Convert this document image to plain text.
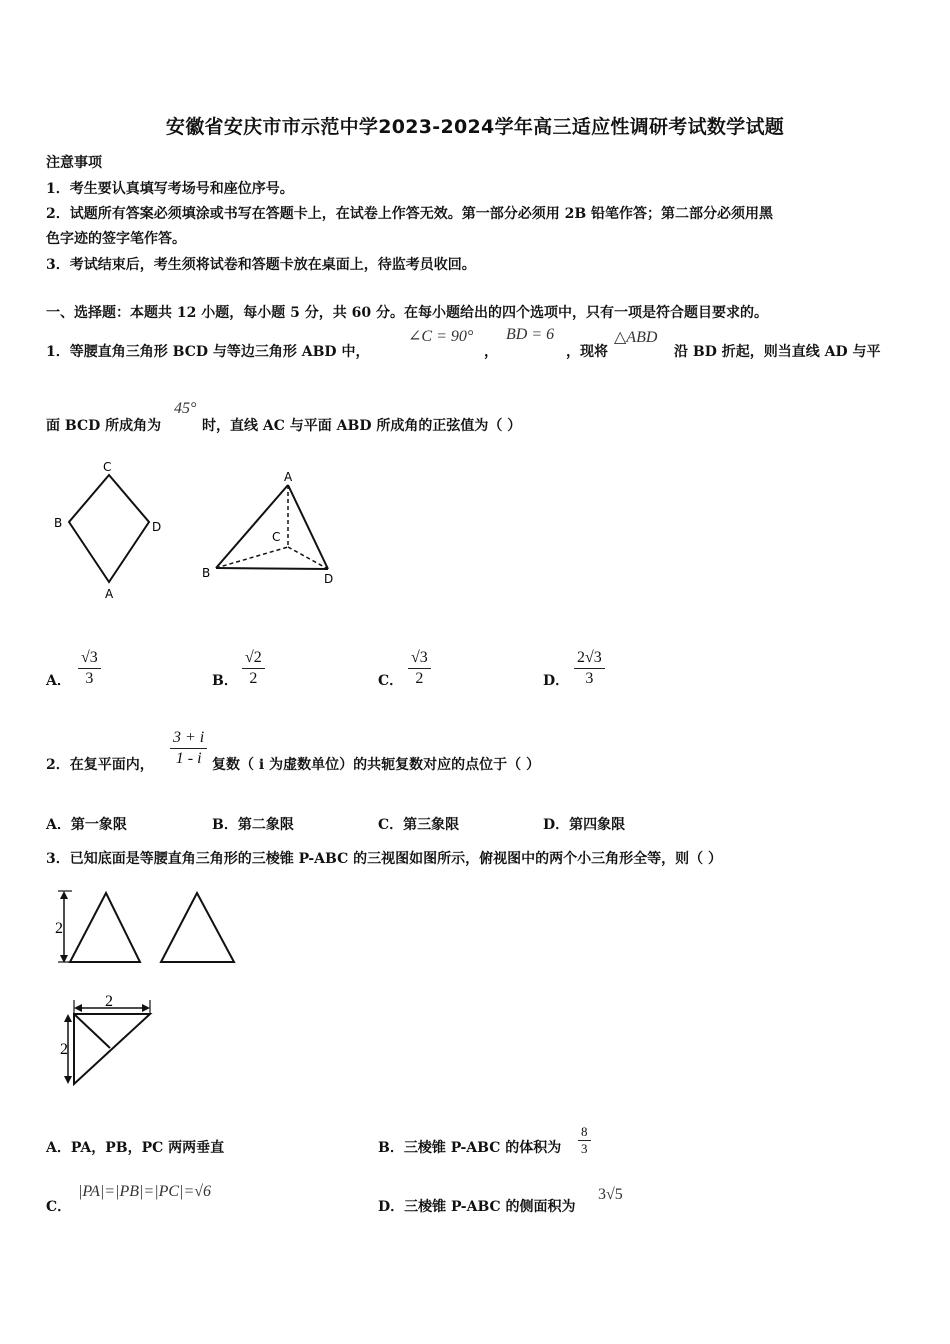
安徽省安庆市市示范中学2023-2024学年高三适应性调研考试数学试题
注意事项
1．考生要认真填写考场号和座位序号。
2．试题所有答案必须填涂或书写在答题卡上，在试卷上作答无效。第一部分必须用 2B 铅笔作答；第二部分必须用黑
色字迹的签字笔作答。
3．考试结束后，考生须将试卷和答题卡放在桌面上，待监考员收回。
一、选择题：本题共 12 小题，每小题 5 分，共 60 分。在每小题给出的四个选项中，只有一项是符合题目要求的。
1．等腰直角三角形 BCD 与等边三角形 ABD 中，
∠C = 90°
，
BD = 6
，现将
△ABD
沿 BD 折起，则当直线 AD 与平
面 BCD 所成角为
45°
时，直线 AC 与平面 ABD 所成角的正弦值为（ ）
C
B	D
A
A
C
B	D
A． $\frac{√3}{3}$	B． $\frac{√2}{2}$	C． $\frac{√3}{2}$	D． $\frac{2√3}{3}$
2．在复平面内， $\frac{3 + i}{1 - i}$ 复数（ i 为虚数单位）的共轭复数对应的点位于（ ）
A．第一象限	B．第二象限	C．第三象限	D．第四象限
3．已知底面是等腰直角三角形的三棱锥 P-ABC 的三视图如图所示，俯视图中的两个小三角形全等，则（ ）
2
2
2
A．PA，PB，PC 两两垂直	B．三棱锥 P-ABC 的体积为 $\frac{8}{3}$
C．
|PA|=|PB|=|PC|=√6
D．三棱锥 P-ABC 的侧面积为
3√5
